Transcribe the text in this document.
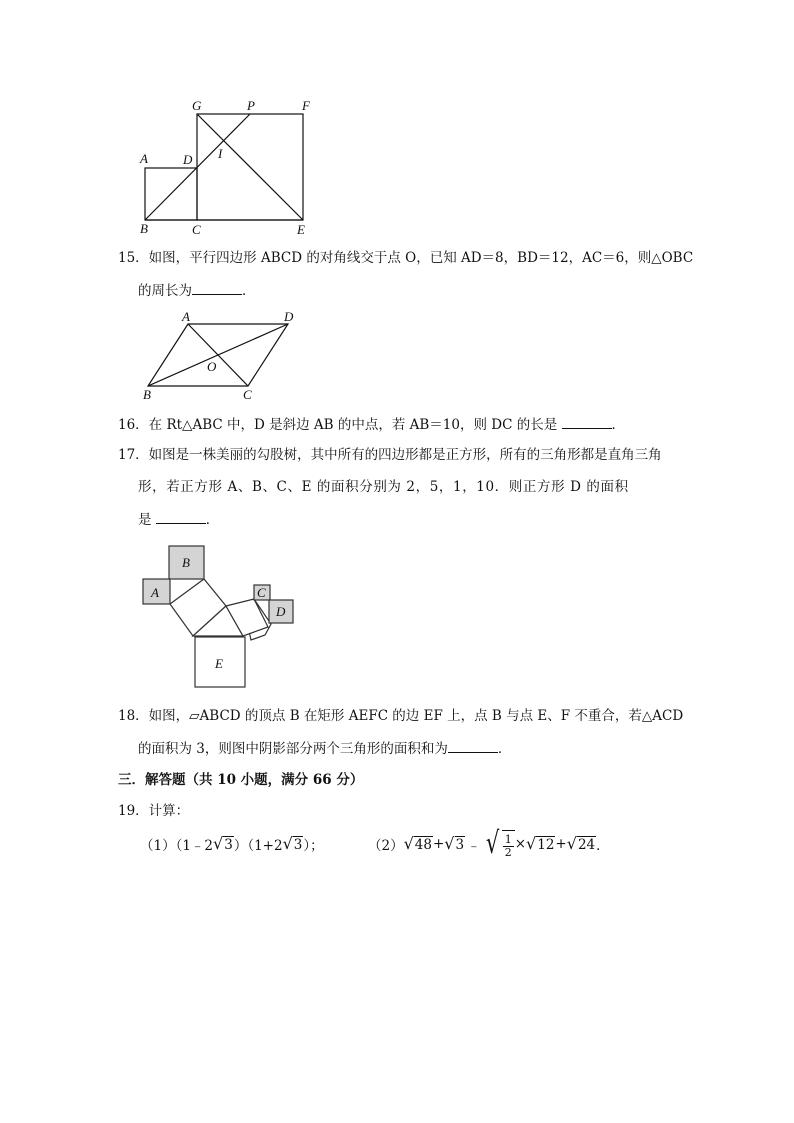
G	P	F
A	D I
B	C	E
15．如图，平行四边形 ABCD 的对角线交于点 O，已知 AD＝8，BD＝12，AC＝6，则△OBC
的周长为	．
A	D
O
B	C
16．在 Rt△ABC 中，D 是斜边 AB 的中点，若 AB＝10，则 DC 的长是	．
17．如图是一株美丽的勾股树，其中所有的四边形都是正方形，所有的三角形都是直角三角
形，若正方形 A、B、C、E 的面积分别为 2，5，1，10．则正方形 D 的面积
是	．
B
A	C
D
E
18．如图，▱ABCD 的顶点 B 在矩形 AEFC 的边 EF 上，点 B 与点 E、F 不重合，若△ACD
的面积为 3，则图中阴影部分两个三角形的面积和为	．
三．解答题（共 10 小题，满分 66 分）
19．计算：
（1）（1﹣2 √ 3 ）（1+2 √ 3 ）；	（2） √ 48 + √ 3 ﹣ √ $\frac{1}{2}$ × √ 12 + √ 24 ．
